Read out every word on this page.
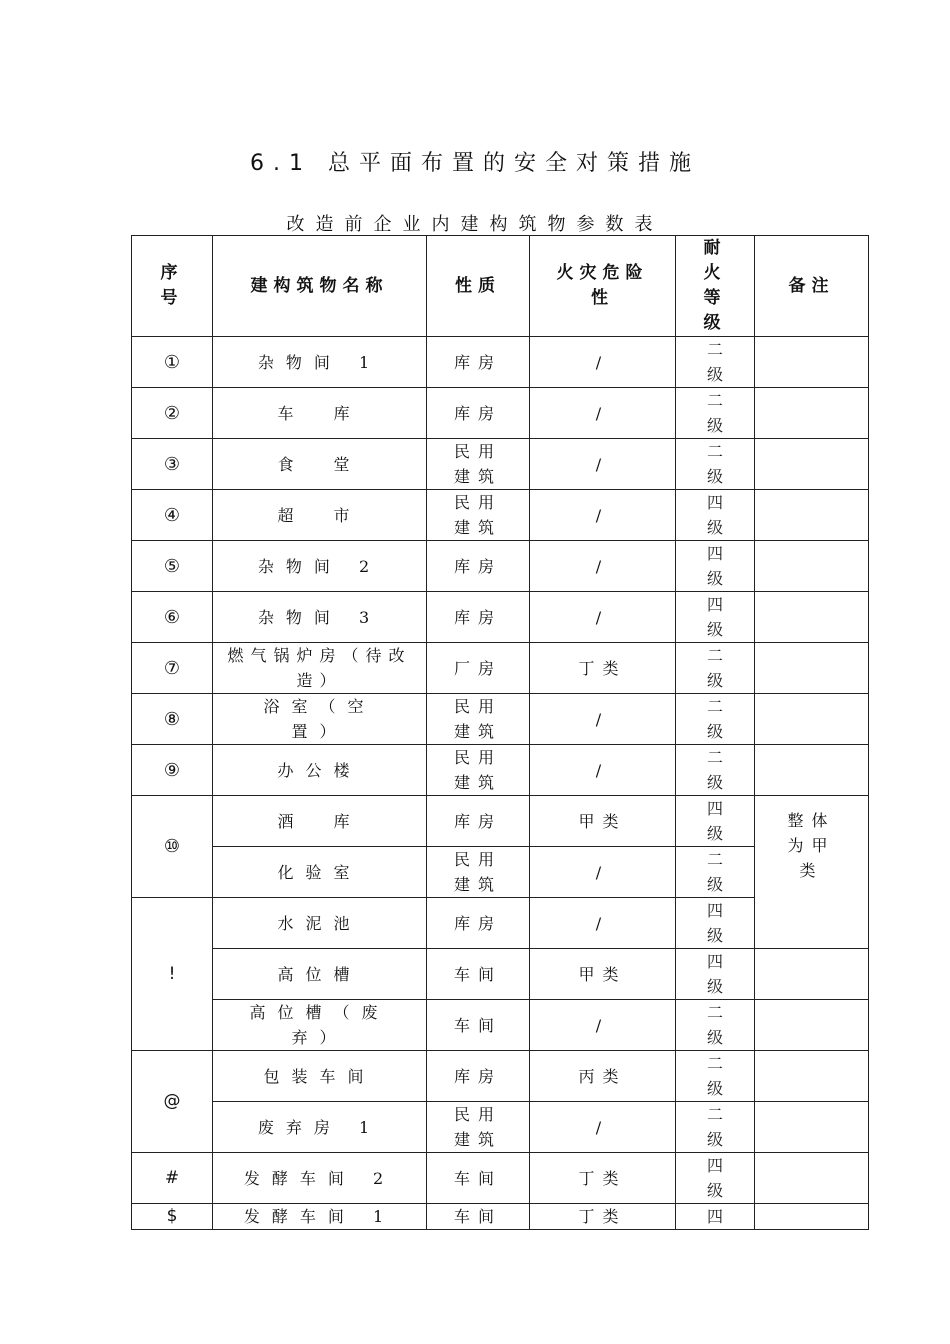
6.1 总平面布置的安全对策措施
改造前企业内建构筑物参数表
序号	建构筑物名称	性质	火灾危险性	耐火等级	备注
①	杂物间 1	库房	/	二级	
②	车　库	库房	/	二级	
③	食　堂	民用建筑	/	二级	
④	超　市	民用建筑	/	四级	
⑤	杂物间 2	库房	/	四级	
⑥	杂物间 3	库房	/	四级	
⑦	燃气锅炉房（待改造）	厂房	丁类	二级	
⑧	浴室（空置）	民用建筑	/	二级	
⑨	办公楼	民用建筑	/	二级	
⑩	酒　库	库房	甲类	四级	整体为甲类
	化验室	民用建筑	/	二级	
!	水泥池	库房	/	四级	
	高位槽	车间	甲类	四级	
	高位槽（废弃）	车间	/	二级	
@	包装车间	库房	丙类	二级	
	废弃房 1	民用建筑	/	二级	
#	发酵车间 2	车间	丁类	四级	
$	发酵车间 1	车间	丁类	四	
